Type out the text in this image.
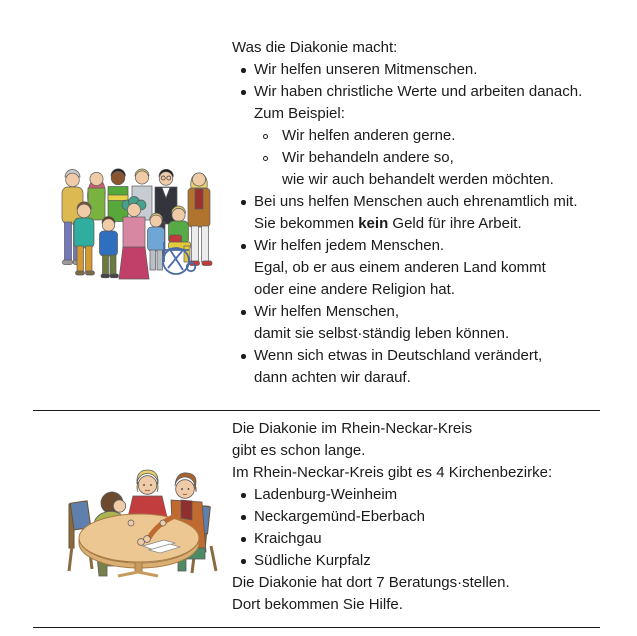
Was die Diakonie macht:
Wir helfen unseren Mitmenschen.
Wir haben christliche Werte und arbeiten danach.
Zum Beispiel:
Wir helfen anderen gerne.
Wir behandeln andere so,
wie wir auch behandelt werden möchten.
Bei uns helfen Menschen auch ehrenamtlich mit.
Sie bekommen kein Geld für ihre Arbeit.
Wir helfen jedem Menschen.
Egal, ob er aus einem anderen Land kommt
oder eine andere Religion hat.
Wir helfen Menschen,
damit sie selbst·ständig leben können.
Wenn sich etwas in Deutschland verändert,
dann achten wir darauf.
Die Diakonie im Rhein-Neckar-Kreis
gibt es schon lange.
Im Rhein-Neckar-Kreis gibt es 4 Kirchenbezirke:
Ladenburg-Weinheim
Neckargemünd-Eberbach
Kraichgau
Südliche Kurpfalz
Die Diakonie hat dort 7 Beratungs·stellen.
Dort bekommen Sie Hilfe.
